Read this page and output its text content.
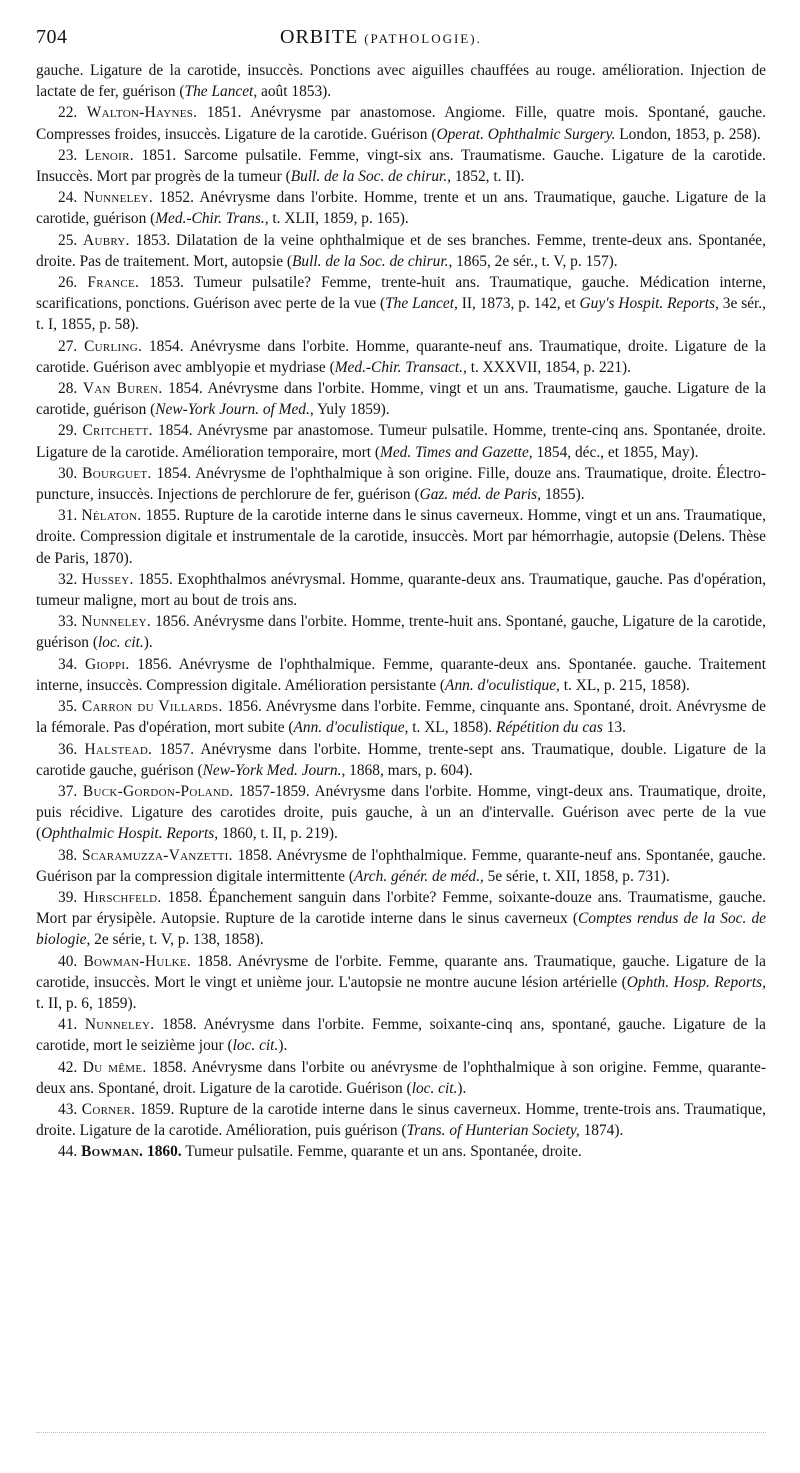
704	ORBITE (PATHOLOGIE).

gauche. Ligature de la carotide, insuccès. Ponctions avec aiguilles chauffées au rouge. amélioration. Injection de lactate de fer, guérison (The Lancet, août 1853).

22. Walton-Haynes. 1851. Anévrysme par anastomose. Angiome. Fille, quatre mois. Spontané, gauche. Compresses froides, insuccès. Ligature de la carotide. Guérison (Operat. Ophthalmic Surgery. London, 1853, p. 258).

23. Lenoir. 1851. Sarcome pulsatile. Femme, vingt-six ans. Traumatisme. Gauche. Ligature de la carotide. Insuccès. Mort par progrès de la tumeur (Bull. de la Soc. de chirur., 1852, t. II).

24. Nunneley. 1852. Anévrysme dans l'orbite. Homme, trente et un ans. Traumatique, gauche. Ligature de la carotide, guérison (Med.-Chir. Trans., t. XLII, 1859, p. 165).

25. Aubry. 1853. Dilatation de la veine ophthalmique et de ses branches. Femme, trente-deux ans. Spontanée, droite. Pas de traitement. Mort, autopsie (Bull. de la Soc. de chirur., 1865, 2e sér., t. V, p. 157).

26. France. 1853. Tumeur pulsatile? Femme, trente-huit ans. Traumatique, gauche. Médication interne, scarifications, ponctions. Guérison avec perte de la vue (The Lancet, II, 1873, p. 142, et Guy's Hospit. Reports, 3e sér., t. I, 1855, p. 58).

27. Curling. 1854. Anévrysme dans l'orbite. Homme, quarante-neuf ans. Traumatique, droite. Ligature de la carotide. Guérison avec amblyopie et mydriase (Med.-Chir. Transact., t. XXXVII, 1854, p. 221).

28. Van Buren. 1854. Anévrysme dans l'orbite. Homme, vingt et un ans. Traumatisme, gauche. Ligature de la carotide, guérison (New-York Journ. of Med., Yuly 1859).

29. Critchett. 1854. Anévrysme par anastomose. Tumeur pulsatile. Homme, trente-cinq ans. Spontanée, droite. Ligature de la carotide. Amélioration temporaire, mort (Med. Times and Gazette, 1854, déc., et 1855, May).

30. Bourguet. 1854. Anévrysme de l'ophthalmique à son origine. Fille, douze ans. Traumatique, droite. Électro-puncture, insuccès. Injections de perchlorure de fer, guérison (Gaz. méd. de Paris, 1855).

31. Nélaton. 1855. Rupture de la carotide interne dans le sinus caverneux. Homme, vingt et un ans. Traumatique, droite. Compression digitale et instrumentale de la carotide, insuccès. Mort par hémorrhagie, autopsie (Delens. Thèse de Paris, 1870).

32. Hussey. 1855. Exophthalmos anévrysmal. Homme, quarante-deux ans. Traumatique, gauche. Pas d'opération, tumeur maligne, mort au bout de trois ans.

33. Nunneley. 1856. Anévrysme dans l'orbite. Homme, trente-huit ans. Spontané, gauche, Ligature de la carotide, guérison (loc. cit.).

34. Gioppi. 1856. Anévrysme de l'ophthalmique. Femme, quarante-deux ans. Spontanée. gauche. Traitement interne, insuccès. Compression digitale. Amélioration persistante (Ann. d'oculistique, t. XL, p. 215, 1858).

35. Carron du Villards. 1856. Anévrysme dans l'orbite. Femme, cinquante ans. Spontané, droit. Anévrysme de la fémorale. Pas d'opération, mort subite (Ann. d'oculistique, t. XL, 1858). Répétition du cas 13.

36. Halstead. 1857. Anévrysme dans l'orbite. Homme, trente-sept ans. Traumatique, double. Ligature de la carotide gauche, guérison (New-York Med. Journ., 1868, mars, p. 604).

37. Buck-Gordon-Poland. 1857-1859. Anévrysme dans l'orbite. Homme, vingt-deux ans. Traumatique, droite, puis récidive. Ligature des carotides droite, puis gauche, à un an d'intervalle. Guérison avec perte de la vue (Ophthalmic Hospit. Reports, 1860, t. II, p. 219).

38. Scaramuzza-Vanzetti. 1858. Anévrysme de l'ophthalmique. Femme, quarante-neuf ans. Spontanée, gauche. Guérison par la compression digitale intermittente (Arch. génér. de méd., 5e série, t. XII, 1858, p. 731).

39. Hirschfeld. 1858. Épanchement sanguin dans l'orbite? Femme, soixante-douze ans. Traumatisme, gauche. Mort par érysipèle. Autopsie. Rupture de la carotide interne dans le sinus caverneux (Comptes rendus de la Soc. de biologie, 2e série, t. V, p. 138, 1858).

40. Bowman-Hulke. 1858. Anévrysme de l'orbite. Femme, quarante ans. Traumatique, gauche. Ligature de la carotide, insuccès. Mort le vingt et unième jour. L'autopsie ne montre aucune lésion artérielle (Ophth. Hosp. Reports, t. II, p. 6, 1859).

41. Nunneley. 1858. Anévrysme dans l'orbite. Femme, soixante-cinq ans, spontané, gauche. Ligature de la carotide, mort le seizième jour (loc. cit.).

42. Du même. 1858. Anévrysme dans l'orbite ou anévrysme de l'ophthalmique à son origine. Femme, quarante-deux ans. Spontané, droit. Ligature de la carotide. Guérison (loc. cit.).

43. Corner. 1859. Rupture de la carotide interne dans le sinus caverneux. Homme, trente-trois ans. Traumatique, droite. Ligature de la carotide. Amélioration, puis guérison (Trans. of Hunterian Society, 1874).

44. Bowman. 1860. Tumeur pulsatile. Femme, quarante et un ans. Spontanée, droite.
